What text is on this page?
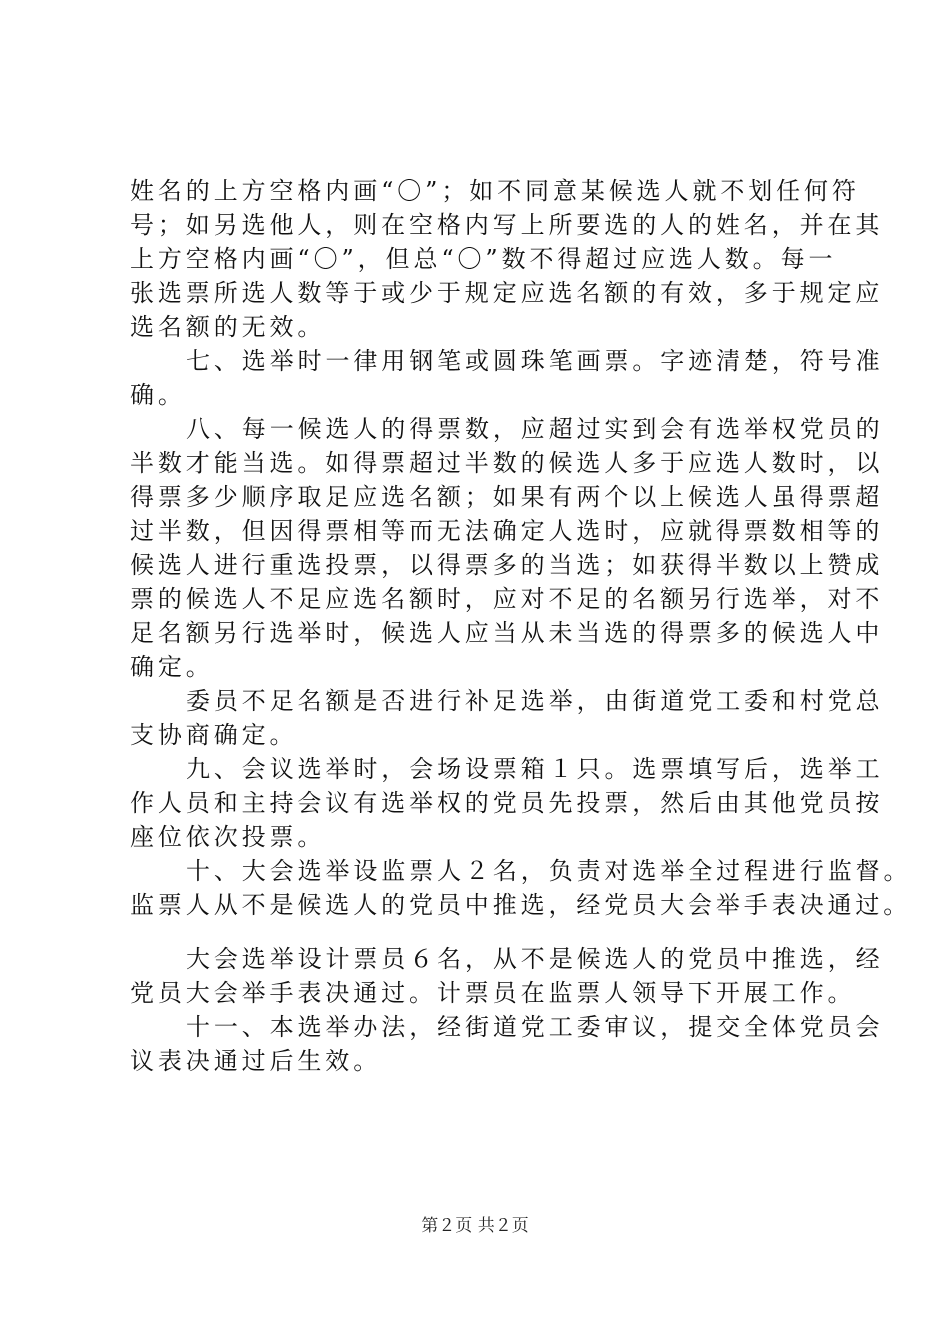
姓名的上方空格内画“〇”；如不同意某候选人就不划任何符
号；如另选他人，则在空格内写上所要选的人的姓名，并在其
上方空格内画“〇”，但总“〇”数不得超过应选人数。每一
张选票所选人数等于或少于规定应选名额的有效，多于规定应
选名额的无效。
七、选举时一律用钢笔或圆珠笔画票。字迹清楚，符号准
确。
八、每一候选人的得票数，应超过实到会有选举权党员的
半数才能当选。如得票超过半数的候选人多于应选人数时，以
得票多少顺序取足应选名额；如果有两个以上候选人虽得票超
过半数，但因得票相等而无法确定人选时，应就得票数相等的
候选人进行重选投票，以得票多的当选；如获得半数以上赞成
票的候选人不足应选名额时，应对不足的名额另行选举，对不
足名额另行选举时，候选人应当从未当选的得票多的候选人中
确定。
委员不足名额是否进行补足选举，由街道党工委和村党总
支协商确定。
九、会议选举时，会场设票箱１只。选票填写后，选举工
作人员和主持会议有选举权的党员先投票，然后由其他党员按
座位依次投票。
十、大会选举设监票人２名，负责对选举全过程进行监督。
监票人从不是候选人的党员中推选，经党员大会举手表决通过。
大会选举设计票员６名，从不是候选人的党员中推选，经
党员大会举手表决通过。计票员在监票人领导下开展工作。
十一、本选举办法，经街道党工委审议，提交全体党员会
议表决通过后生效。
第２页 共２页
